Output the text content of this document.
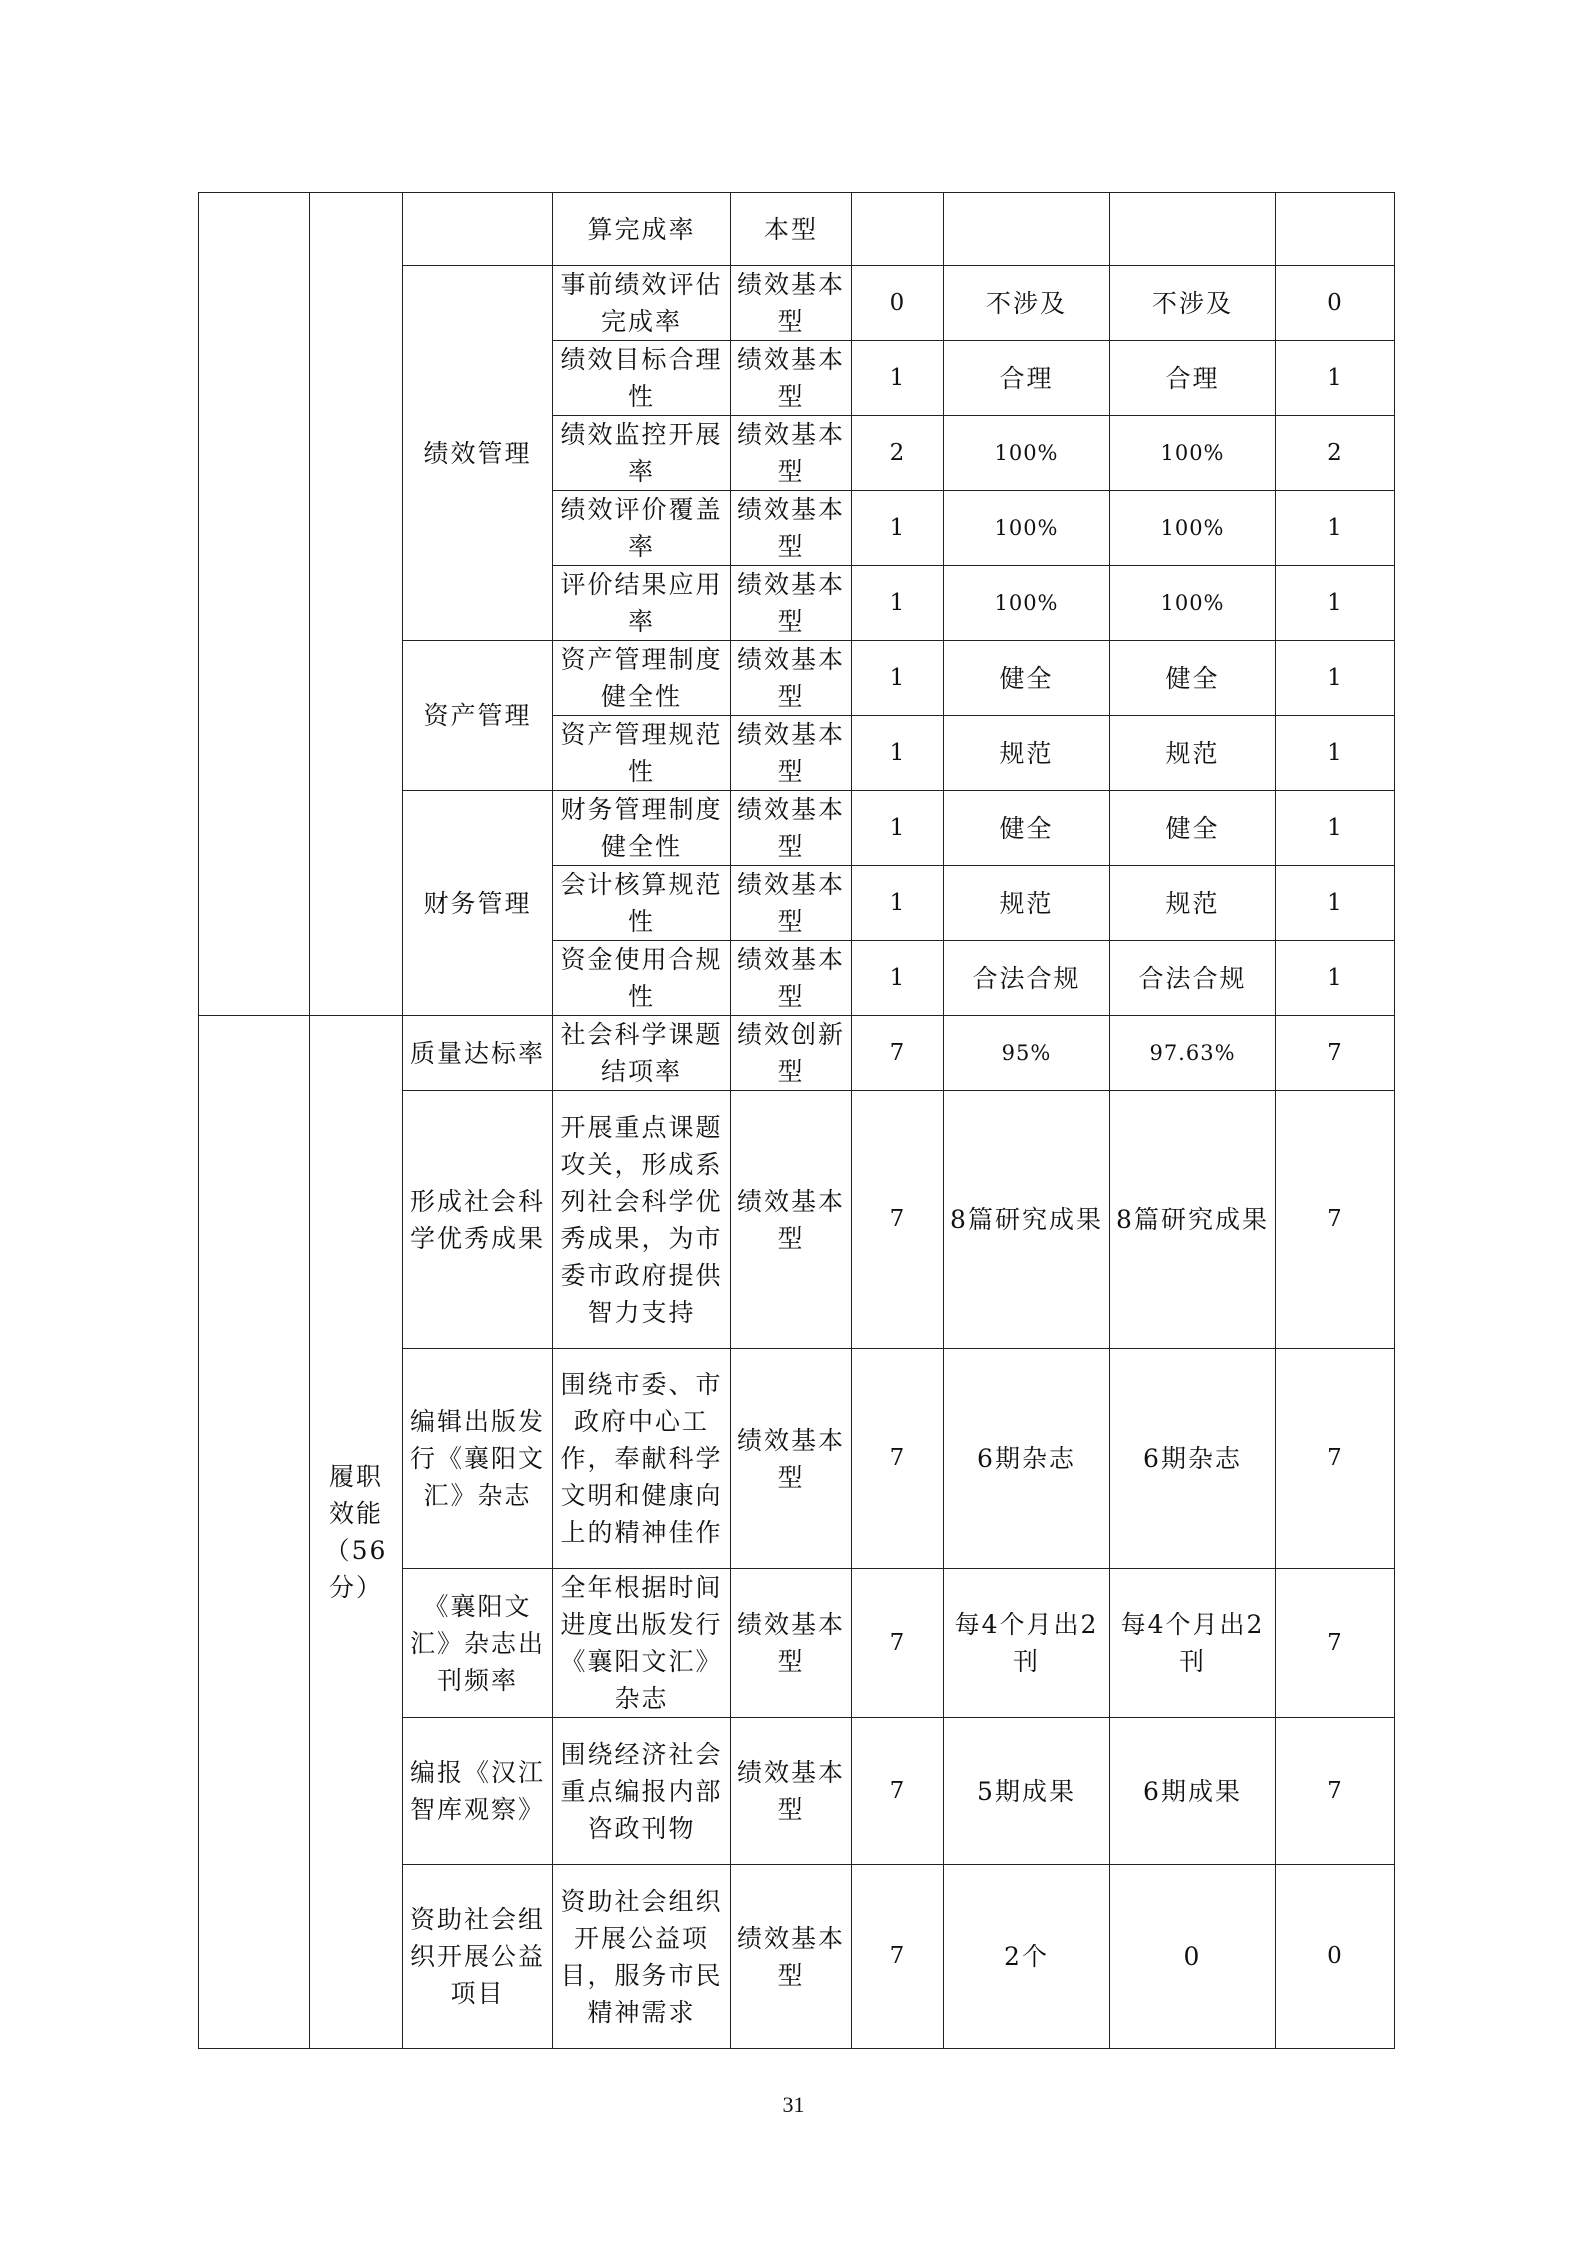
			算完成率	本型				
		绩效管理	事前绩效评估完成率	绩效基本型	0	不涉及	不涉及	0
			绩效目标合理性	绩效基本型	1	合理	合理	1
			绩效监控开展率	绩效基本型	2	100%	100%	2
			绩效评价覆盖率	绩效基本型	1	100%	100%	1
			评价结果应用率	绩效基本型	1	100%	100%	1
		资产管理	资产管理制度健全性	绩效基本型	1	健全	健全	1
			资产管理规范性	绩效基本型	1	规范	规范	1
		财务管理	财务管理制度健全性	绩效基本型	1	健全	健全	1
			会计核算规范性	绩效基本型	1	规范	规范	1
			资金使用合规性	绩效基本型	1	合法合规	合法合规	1
	履职效能（56分）	质量达标率	社会科学课题结项率	绩效创新型	7	95%	97.63%	7
		形成社会科学优秀成果	开展重点课题攻关，形成系列社会科学优秀成果，为市委市政府提供智力支持	绩效基本型	7	8篇研究成果	8篇研究成果	7
		编辑出版发行《襄阳文汇》杂志	围绕市委、市政府中心工作，奉献科学文明和健康向上的精神佳作	绩效基本型	7	6期杂志	6期杂志	7
		《襄阳文汇》杂志出刊频率	全年根据时间进度出版发行《襄阳文汇》杂志	绩效基本型	7	每4个月出2刊	每4个月出2刊	7
		编报《汉江智库观察》	围绕经济社会重点编报内部咨政刊物	绩效基本型	7	5期成果	6期成果	7
		资助社会组织开展公益项目	资助社会组织开展公益项目，服务市民精神需求	绩效基本型	7	2个	0	0
31
